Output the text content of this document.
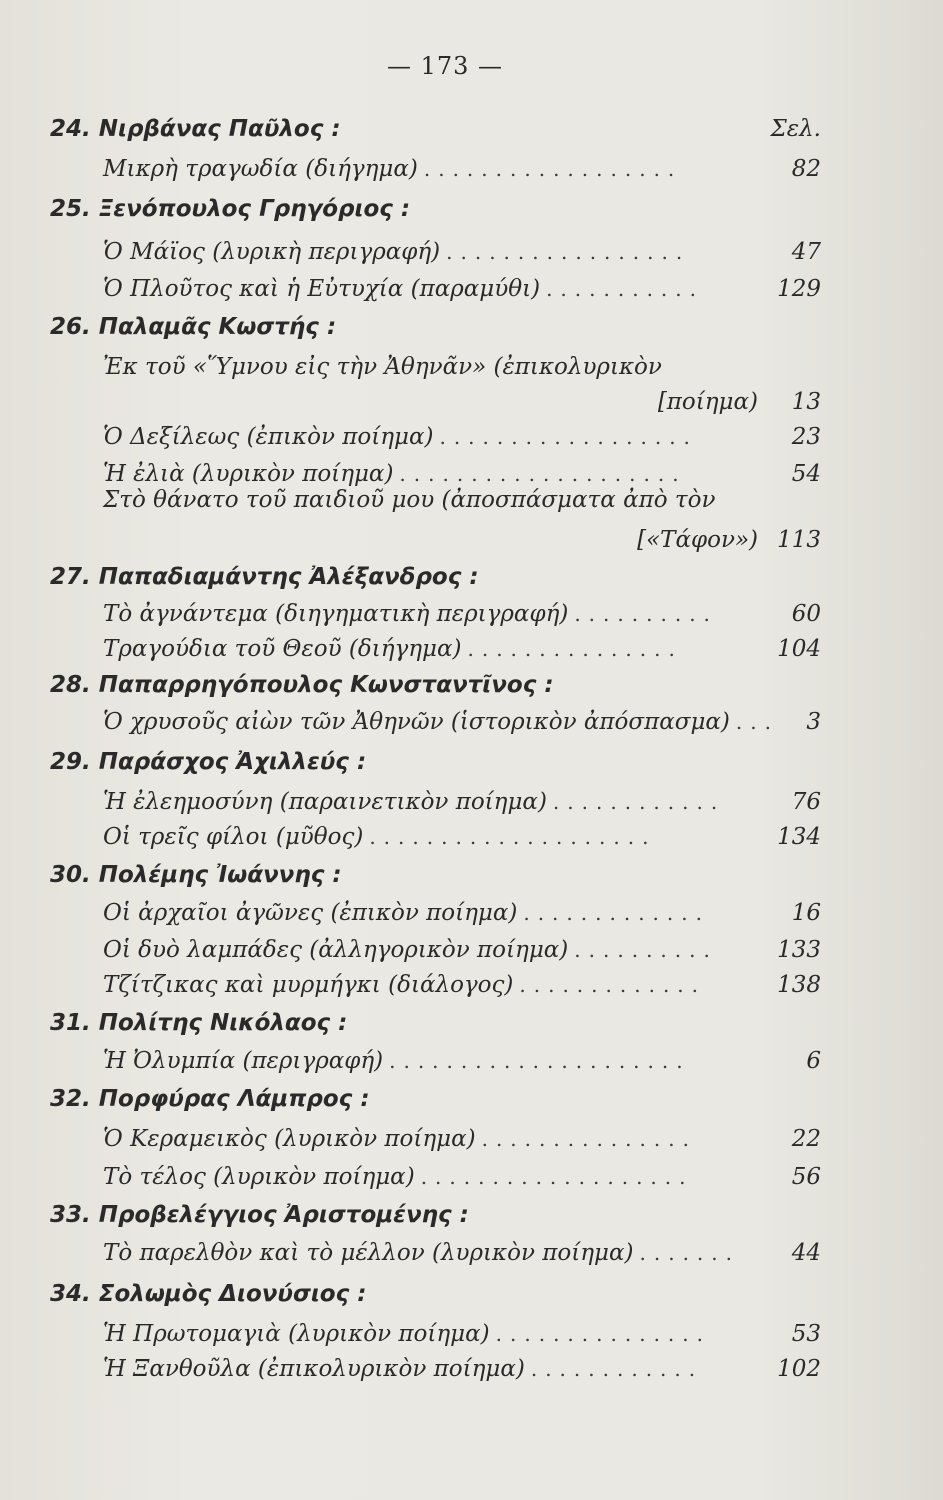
— 173 —
24. Νιρβάνας Παῦλος :	Σελ.
Μικρὴ τραγωδία (διήγημα) ..................	82
25. Ξενόπουλος Γρηγόριος :
Ὁ Μάϊος (λυρικὴ περιγραφή) .................	47
Ὁ Πλοῦτος καὶ ἡ Εὐτυχία (παραμύθι) ...........	129
26. Παλαμᾶς Κωστής :
Ἐκ τοῦ «Ὕμνου εἰς τὴν Ἀθηνᾶν» (ἐπικολυρικὸν
[ποίημα) 13
Ὁ Δεξίλεως (ἐπικὸν ποίημα) ..................	23
Ἡ ἐλιὰ (λυρικὸν ποίημα) ....................	54
Στὸ θάνατο τοῦ παιδιοῦ μου (ἀποσπάσματα ἀπὸ τὸν
[«Τάφον») 113
27. Παπαδιαμάντης Ἀλέξανδρος :
Τὸ ἀγνάντεμα (διηγηματικὴ περιγραφή) ..........	60
Τραγούδια τοῦ Θεοῦ (διήγημα) ...............	104
28. Παπαρρηγόπουλος Κωνσταντῖνος :
Ὁ χρυσοῦς αἰὼν τῶν Ἀθηνῶν (ἱστορικὸν ἀπόσπασμα) ...	3
29. Παράσχος Ἀχιλλεύς :
Ἡ ἐλεημοσύνη (παραινετικὸν ποίημα) ............	76
Οἱ τρεῖς φίλοι (μῦθος) ....................	134
30. Πολέμης Ἰωάννης :
Οἱ ἀρχαῖοι ἀγῶνες (ἐπικὸν ποίημα) .............	16
Οἱ δυὸ λαμπάδες (ἀλληγορικὸν ποίημα) ..........	133
Τζίτζικας καὶ μυρμήγκι (διάλογος) .............	138
31. Πολίτης Νικόλαος :
Ἡ Ὀλυμπία (περιγραφή) .....................	6
32. Πορφύρας Λάμπρος :
Ὁ Κεραμεικὸς (λυρικὸν ποίημα) ...............	22
Τὸ τέλος (λυρικὸν ποίημα) ...................	56
33. Προβελέγγιος Ἀριστομένης :
Τὸ παρελθὸν καὶ τὸ μέλλον (λυρικὸν ποίημα) .......	44
34. Σολωμὸς Διονύσιος :
Ἡ Πρωτομαγιὰ (λυρικὸν ποίημα) ...............	53
Ἡ Ξανθοῦλα (ἐπικολυρικὸν ποίημα) ............	102
